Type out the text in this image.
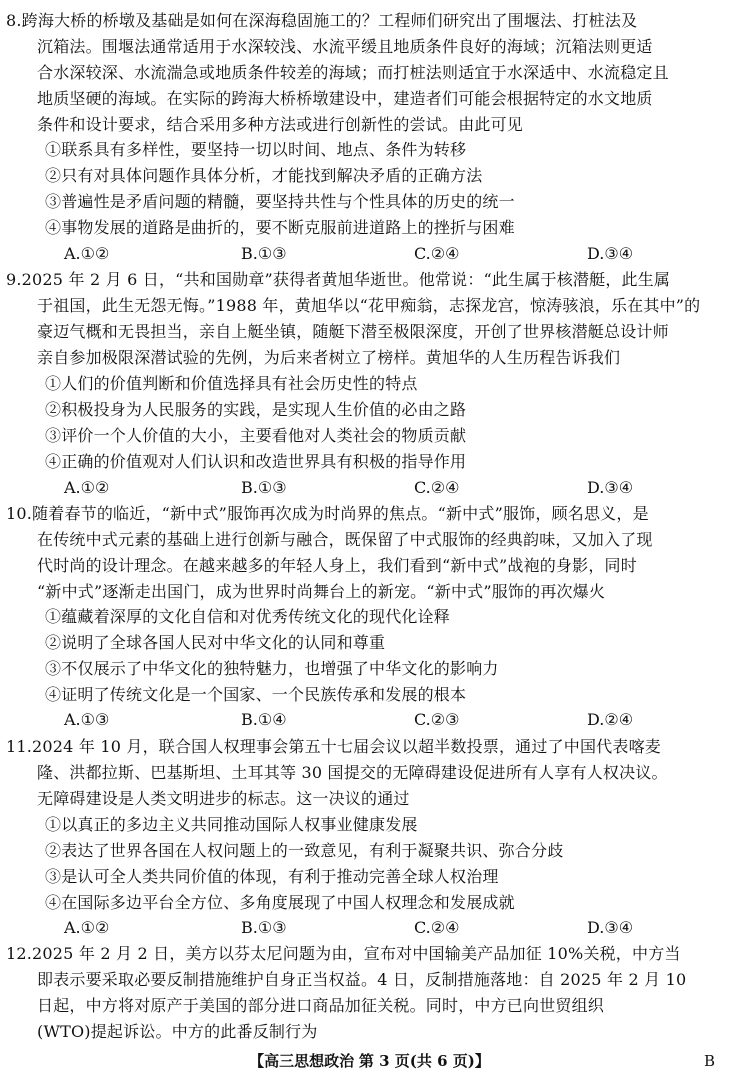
8.跨海大桥的桥墩及基础是如何在深海稳固施工的？工程师们研究出了围堰法、打桩法及
沉箱法。围堰法通常适用于水深较浅、水流平缓且地质条件良好的海域；沉箱法则更适
合水深较深、水流湍急或地质条件较差的海域；而打桩法则适宜于水深适中、水流稳定且
地质坚硬的海域。在实际的跨海大桥桥墩建设中，建造者们可能会根据特定的水文地质
条件和设计要求，结合采用多种方法或进行创新性的尝试。由此可见
①联系具有多样性，要坚持一切以时间、地点、条件为转移
②只有对具体问题作具体分析，才能找到解决矛盾的正确方法
③普遍性是矛盾问题的精髓，要坚持共性与个性具体的历史的统一
④事物发展的道路是曲折的，要不断克服前进道路上的挫折与困难
A.①②	B.①③	C.②④	D.③④
9.2025 年 2 月 6 日，“共和国勋章”获得者黄旭华逝世。他常说：“此生属于核潜艇，此生属
于祖国，此生无怨无悔。”1988 年，黄旭华以“花甲痴翁，志探龙宫，惊涛骇浪，乐在其中”的
豪迈气概和无畏担当，亲自上艇坐镇，随艇下潜至极限深度，开创了世界核潜艇总设计师
亲自参加极限深潜试验的先例，为后来者树立了榜样。黄旭华的人生历程告诉我们
①人们的价值判断和价值选择具有社会历史性的特点
②积极投身为人民服务的实践，是实现人生价值的必由之路
③评价一个人价值的大小，主要看他对人类社会的物质贡献
④正确的价值观对人们认识和改造世界具有积极的指导作用
A.①②	B.①③	C.②④	D.③④
10.随着春节的临近，“新中式”服饰再次成为时尚界的焦点。“新中式”服饰，顾名思义，是
在传统中式元素的基础上进行创新与融合，既保留了中式服饰的经典韵味，又加入了现
代时尚的设计理念。在越来越多的年轻人身上，我们看到“新中式”战袍的身影，同时
“新中式”逐渐走出国门，成为世界时尚舞台上的新宠。“新中式”服饰的再次爆火
①蕴藏着深厚的文化自信和对优秀传统文化的现代化诠释
②说明了全球各国人民对中华文化的认同和尊重
③不仅展示了中华文化的独特魅力，也增强了中华文化的影响力
④证明了传统文化是一个国家、一个民族传承和发展的根本
A.①③	B.①④	C.②③	D.②④
11.2024 年 10 月，联合国人权理事会第五十七届会议以超半数投票，通过了中国代表喀麦
隆、洪都拉斯、巴基斯坦、土耳其等 30 国提交的无障碍建设促进所有人享有人权决议。
无障碍建设是人类文明进步的标志。这一决议的通过
①以真正的多边主义共同推动国际人权事业健康发展
②表达了世界各国在人权问题上的一致意见，有利于凝聚共识、弥合分歧
③是认可全人类共同价值的体现，有利于推动完善全球人权治理
④在国际多边平台全方位、多角度展现了中国人权理念和发展成就
A.①②	B.①③	C.②④	D.③④
12.2025 年 2 月 2 日，美方以芬太尼问题为由，宣布对中国输美产品加征 10%关税，中方当
即表示要采取必要反制措施维护自身正当权益。4 日，反制措施落地：自 2025 年 2 月 10
日起，中方将对原产于美国的部分进口商品加征关税。同时，中方已向世贸组织
(WTO)提起诉讼。中方的此番反制行为
【高三思想政治 第 3 页(共 6 页)】	B
